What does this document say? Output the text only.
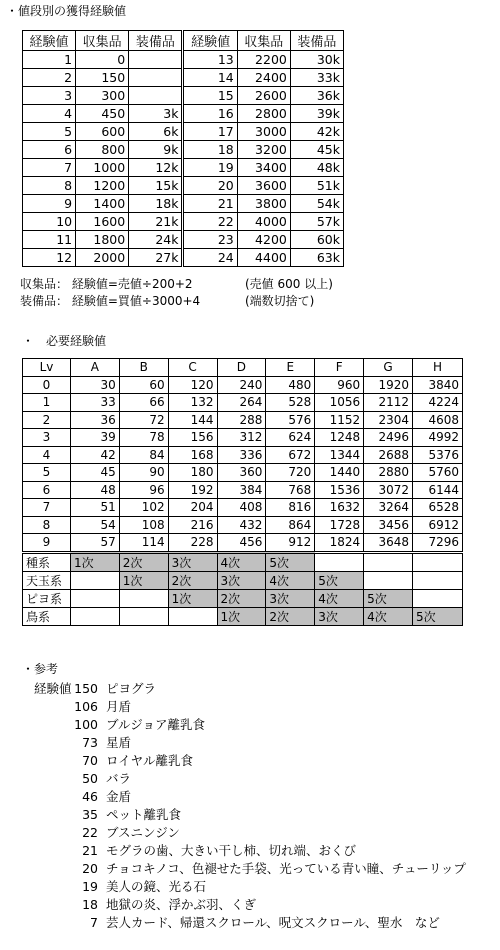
・値段別の獲得経験値
経験値	収集品	装備品	経験値	収集品	装備品
1	0		13	2200	30k
2	150		14	2400	33k
3	300		15	2600	36k
4	450	3k	16	2800	39k
5	600	6k	17	3000	42k
6	800	9k	18	3200	45k
7	1000	12k	19	3400	48k
8	1200	15k	20	3600	51k
9	1400	18k	21	3800	54k
10	1600	21k	22	4000	57k
11	1800	24k	23	4200	60k
12	2000	27k	24	4400	63k
収集品： 経験値=売値÷200+2	(売値 600 以上)
装備品： 経験値=買値÷3000+4	(端数切捨て)
・　必要経験値
Lv	A	B	C	D	E	F	G	H
0	30	60	120	240	480	960	1920	3840
1	33	66	132	264	528	1056	2112	4224
2	36	72	144	288	576	1152	2304	4608
3	39	78	156	312	624	1248	2496	4992
4	42	84	168	336	672	1344	2688	5376
5	45	90	180	360	720	1440	2880	5760
6	48	96	192	384	768	1536	3072	6144
7	51	102	204	408	816	1632	3264	6528
8	54	108	216	432	864	1728	3456	6912
9	57	114	228	456	912	1824	3648	7296
種系	1次	2次	3次	4次	5次			
天玉系		1次	2次	3次	4次	5次		
ピヨ系			1次	2次	3次	4次	5次	
鳥系				1次	2次	3次	4次	5次
・参考
経験値 150 ピヨグラ
106 月盾
100 ブルジョア離乳食
73 星盾
70 ロイヤル離乳食
50 バラ
46 金盾
35 ペット離乳食
22 ブスニンジン
21 モグラの歯、大きい干し柿、切れ端、おくび
20 チョコキノコ、色褪せた手袋、光っている青い瞳、チューリップ
19 美人の鏡、光る石
18 地獄の炎、浮かぶ羽、くぎ
7 芸人カード、帰還スクロール、呪文スクロール、聖水　など
